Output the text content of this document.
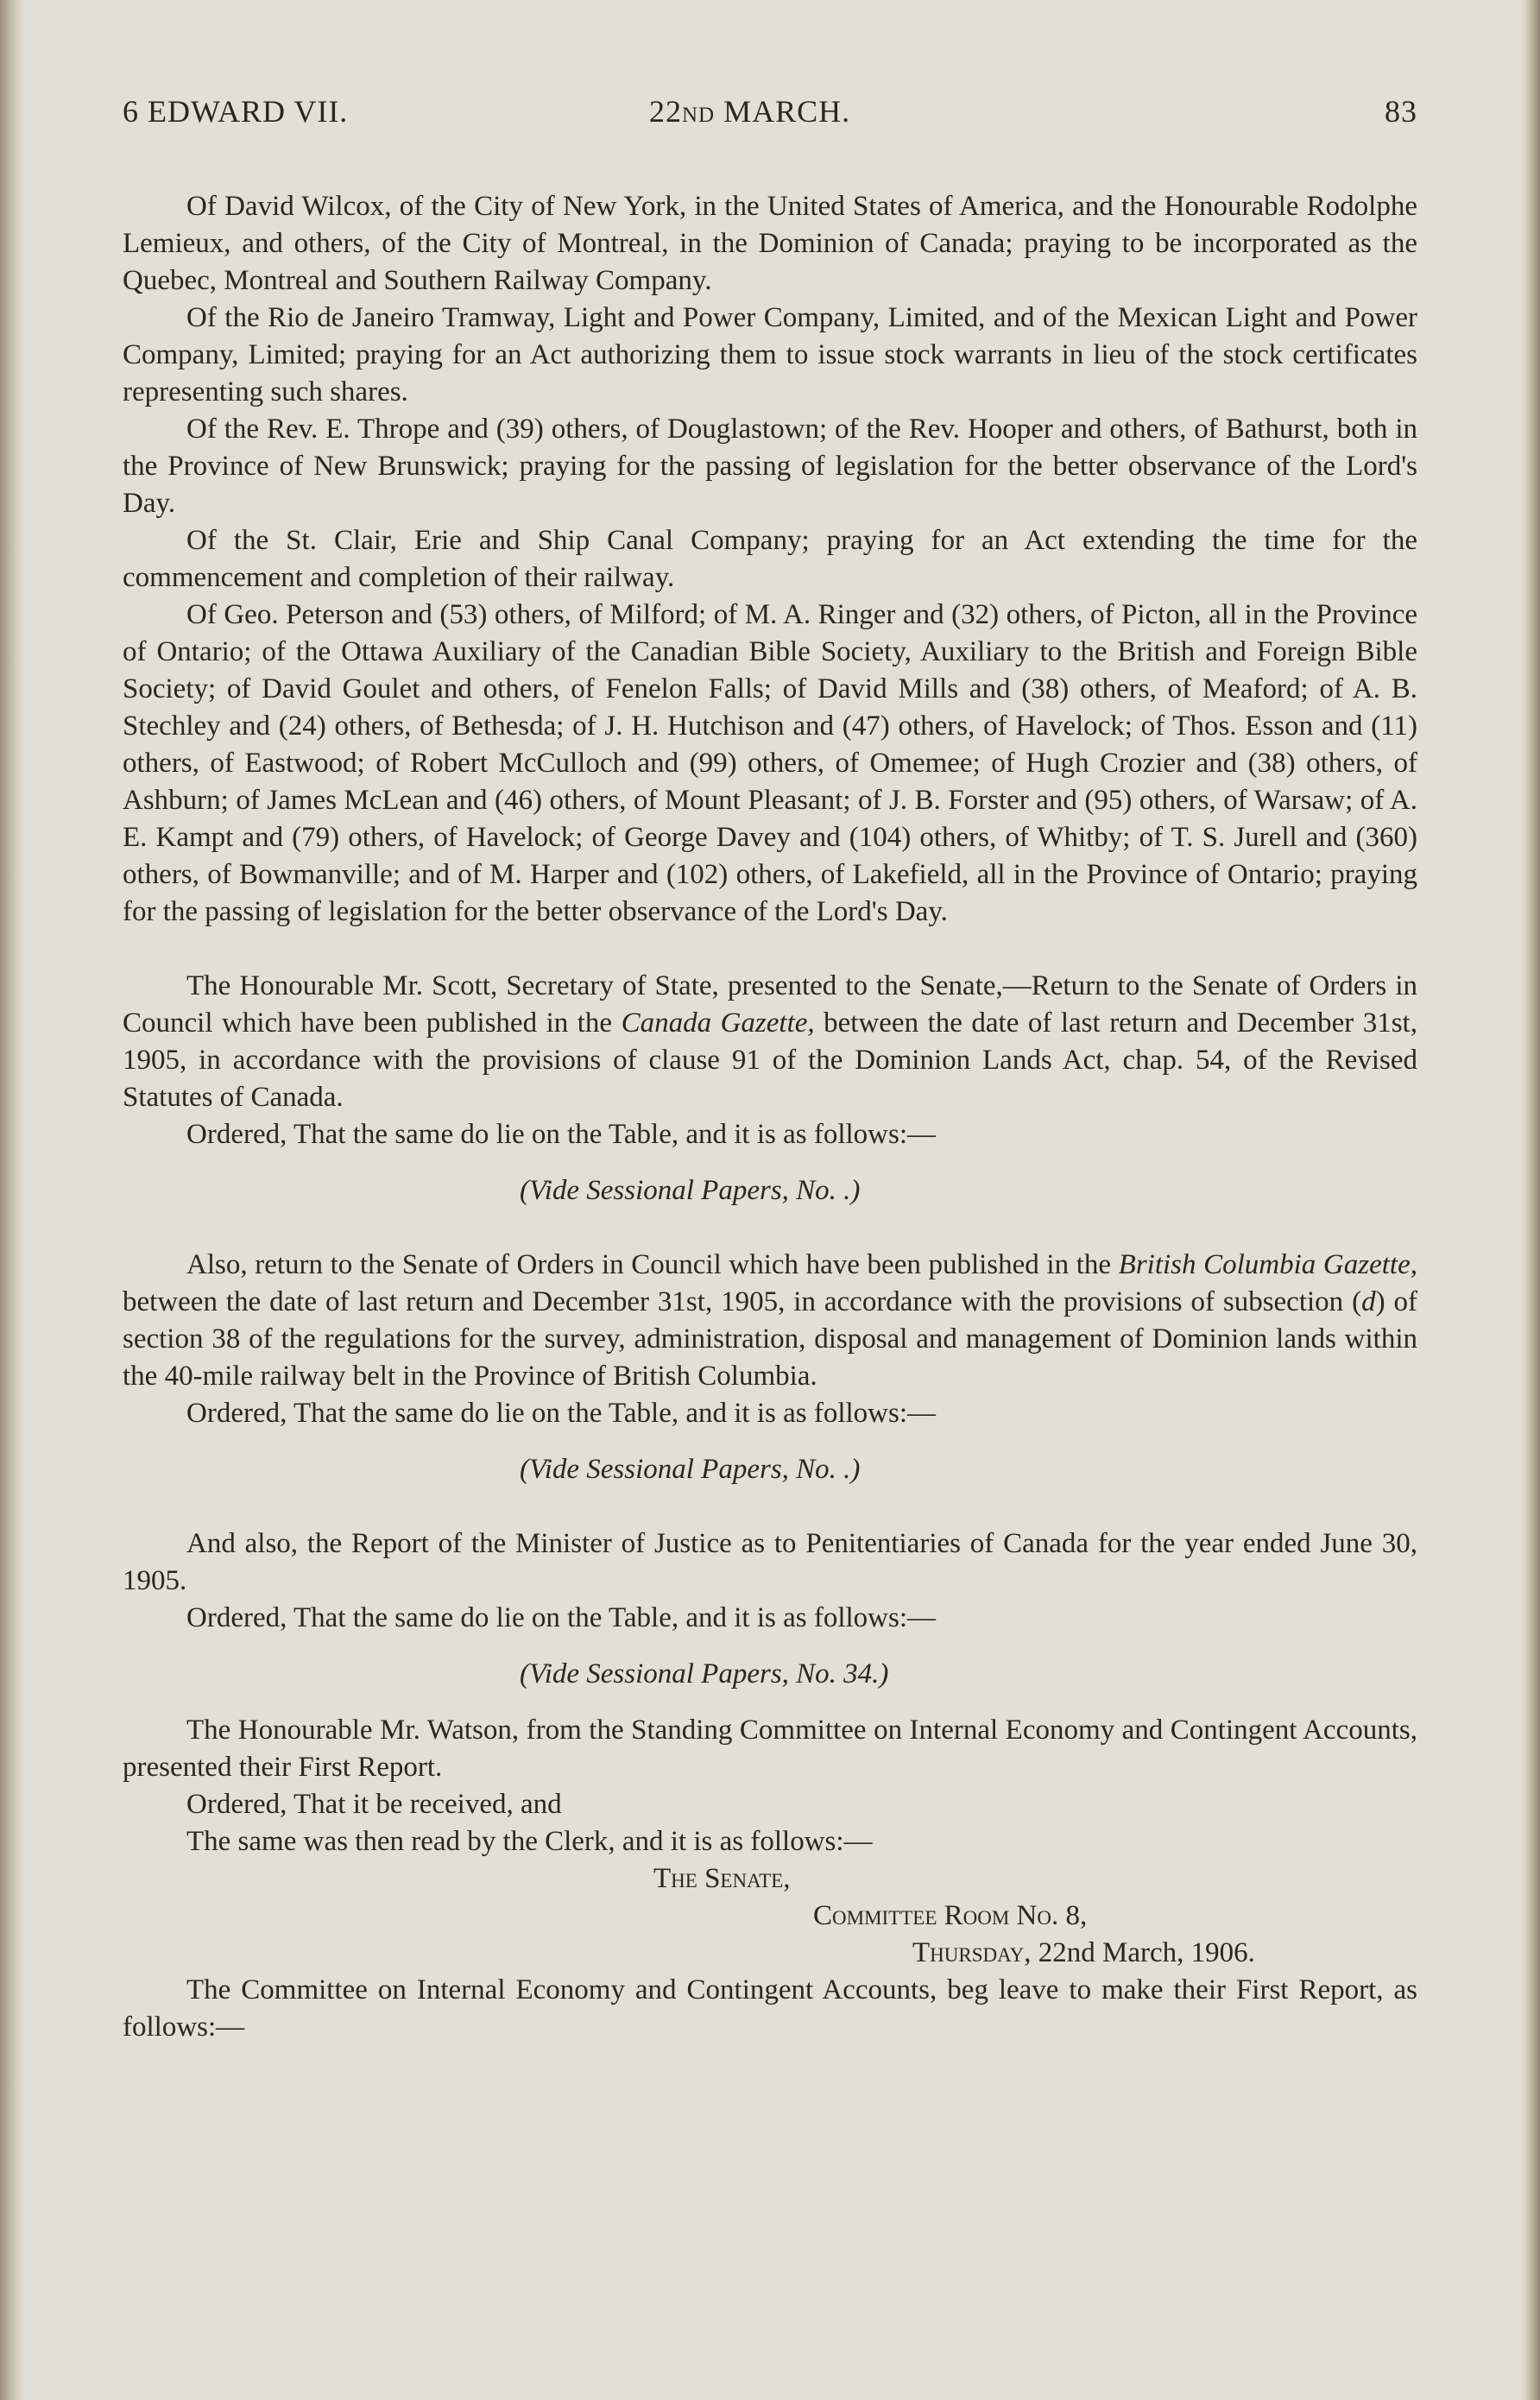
6 EDWARD VII.	22nd MARCH.	83

Of David Wilcox, of the City of New York, in the United States of America, and the Honourable Rodolphe Lemieux, and others, of the City of Montreal, in the Dominion of Canada; praying to be incorporated as the Quebec, Montreal and Southern Railway Company.

Of the Rio de Janeiro Tramway, Light and Power Company, Limited, and of the Mexican Light and Power Company, Limited; praying for an Act authorizing them to issue stock warrants in lieu of the stock certificates representing such shares.

Of the Rev. E. Thrope and (39) others, of Douglastown; of the Rev. Hooper and others, of Bathurst, both in the Province of New Brunswick; praying for the passing of legislation for the better observance of the Lord's Day.

Of the St. Clair, Erie and Ship Canal Company; praying for an Act extending the time for the commencement and completion of their railway.

Of Geo. Peterson and (53) others, of Milford; of M. A. Ringer and (32) others, of Picton, all in the Province of Ontario; of the Ottawa Auxiliary of the Canadian Bible Society, Auxiliary to the British and Foreign Bible Society; of David Goulet and others, of Fenelon Falls; of David Mills and (38) others, of Meaford; of A. B. Stechley and (24) others, of Bethesda; of J. H. Hutchison and (47) others, of Havelock; of Thos. Esson and (11) others, of Eastwood; of Robert McCulloch and (99) others, of Omemee; of Hugh Crozier and (38) others, of Ashburn; of James McLean and (46) others, of Mount Pleasant; of J. B. Forster and (95) others, of Warsaw; of A. E. Kampt and (79) others, of Havelock; of George Davey and (104) others, of Whitby; of T. S. Jurell and (360) others, of Bowmanville; and of M. Harper and (102) others, of Lakefield, all in the Province of Ontario; praying for the passing of legislation for the better observance of the Lord's Day.

The Honourable Mr. Scott, Secretary of State, presented to the Senate,—Return to the Senate of Orders in Council which have been published in the Canada Gazette, between the date of last return and December 31st, 1905, in accordance with the provisions of clause 91 of the Dominion Lands Act, chap. 54, of the Revised Statutes of Canada.

Ordered, That the same do lie on the Table, and it is as follows:—

(Vide Sessional Papers, No. .)

Also, return to the Senate of Orders in Council which have been published in the British Columbia Gazette, between the date of last return and December 31st, 1905, in accordance with the provisions of subsection (d) of section 38 of the regulations for the survey, administration, disposal and management of Dominion lands within the 40-mile railway belt in the Province of British Columbia.

Ordered, That the same do lie on the Table, and it is as follows:—

(Vide Sessional Papers, No. .)

And also, the Report of the Minister of Justice as to Penitentiaries of Canada for the year ended June 30, 1905.

Ordered, That the same do lie on the Table, and it is as follows:—

(Vide Sessional Papers, No. 34.)

The Honourable Mr. Watson, from the Standing Committee on Internal Economy and Contingent Accounts, presented their First Report.

Ordered, That it be received, and

The same was then read by the Clerk, and it is as follows:—

The Senate,

Committee Room No. 8,

Thursday, 22nd March, 1906.

The Committee on Internal Economy and Contingent Accounts, beg leave to make their First Report, as follows:—
